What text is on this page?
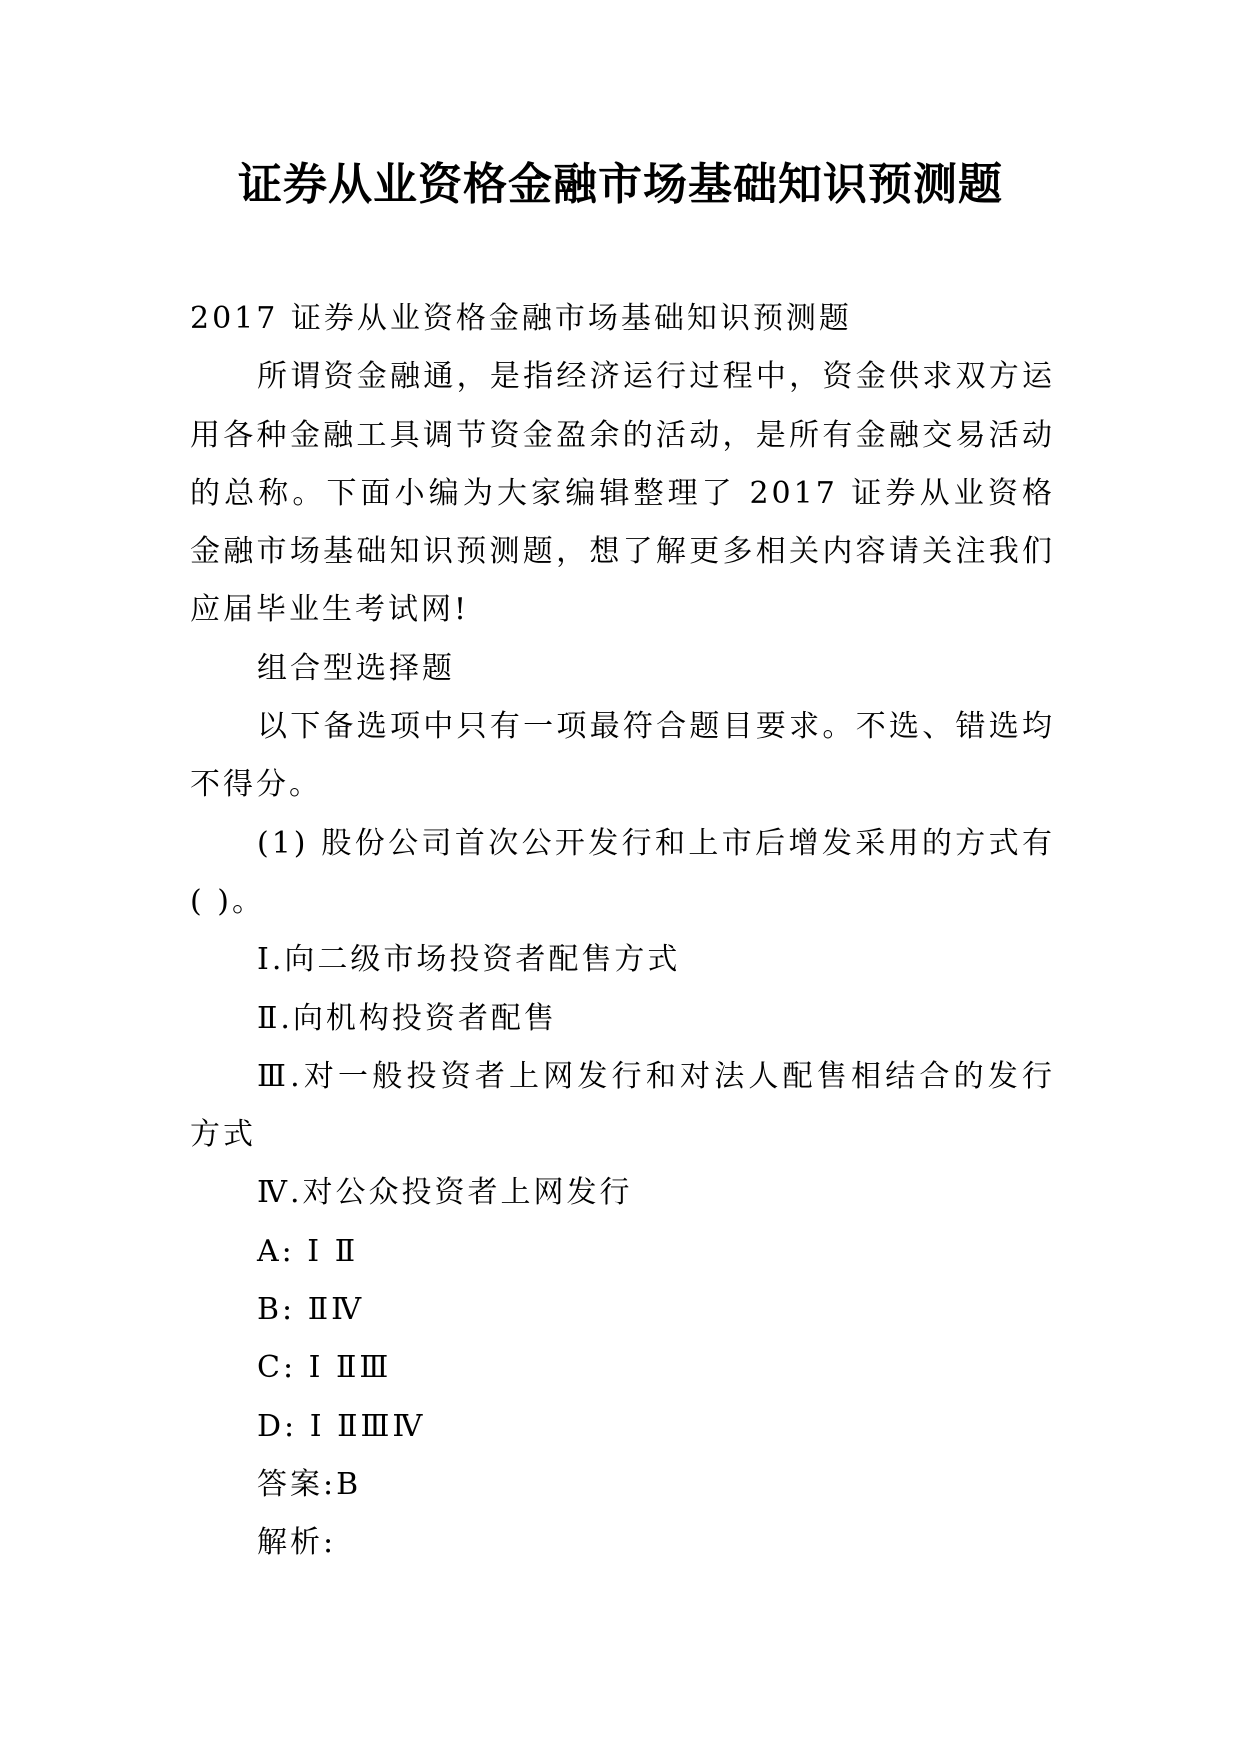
证券从业资格金融市场基础知识预测题

2017 证券从业资格金融市场基础知识预测题

所谓资金融通，是指经济运行过程中，资金供求双方运用各种金融工具调节资金盈余的活动，是所有金融交易活动的总称。下面小编为大家编辑整理了 2017 证券从业资格金融市场基础知识预测题，想了解更多相关内容请关注我们应届毕业生考试网!

组合型选择题

以下备选项中只有一项最符合题目要求。不选、错选均不得分。

(1) 股份公司首次公开发行和上市后增发采用的方式有( )。

Ⅰ.向二级市场投资者配售方式

Ⅱ.向机构投资者配售

Ⅲ.对一般投资者上网发行和对法人配售相结合的发行方式

Ⅳ.对公众投资者上网发行

A: Ⅰ Ⅱ

B: ⅡⅣ

C: Ⅰ ⅡⅢ

D: Ⅰ ⅡⅢⅣ

答案:B

解析:
